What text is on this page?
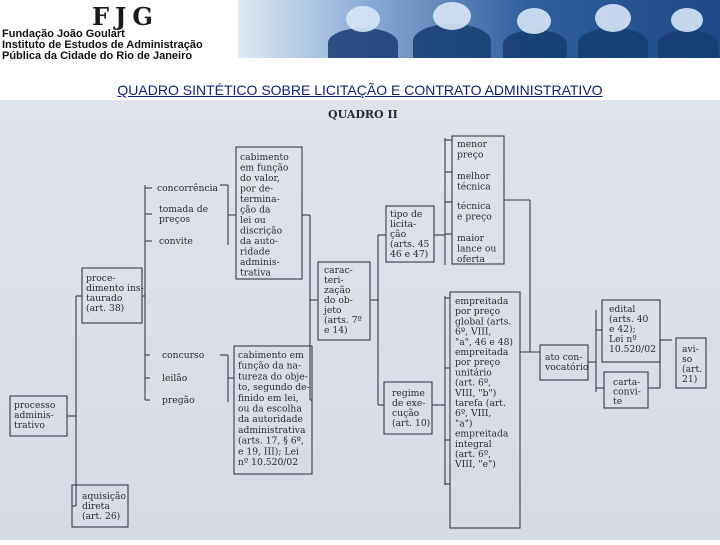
FJG
Fundação João Goulart
Instituto de Estudos de Administração
Pública da Cidade do Rio de Janeiro
QUADRO SINTÉTICO SOBRE LICITAÇÃO E CONTRATO ADMINISTRATIVO
QUADRO II
processo
adminis-
trativo
proce-
dimento ins-
taurado
(art. 38)
aquisição
direta
(art. 26)
concorrência
tomada de
preços
convite
concurso
leilão
pregão
cabimento
em função
do valor,
por de-
termina-
ção da
lei ou
discrição
da auto-
ridade
adminis-
trativa
cabimento em
função da na-
tureza do obje-
to, segundo de-
finido em lei,
ou da escolha
da autoridade
administrativa
(arts. 17, § 6º,
e 19, III); Lei
nº 10.520/02
carac-
teri-
zação
do ob-
jeto
(arts. 7º
e 14)
tipo de
licita-
ção
(arts. 45
46 e 47)
regime
de exe-
cução
(art. 10)
menor
preço
melhor
técnica
técnica
e preço
maior
lance ou
oferta
empreitada
por preço
global (arts.
6º, VIII,
"a", 46 e 48)
empreitada
por preço
unitário
(art. 6º,
VIII, "b")
tarefa (art.
6º, VIII,
"a")
empreitada
integral
(art. 6º,
VIII, "e")
ato con-
vocatório
edital
(arts. 40
e 42);
Lei nº
10.520/02
carta-
convi-
te
avi-
so
(art.
21)
